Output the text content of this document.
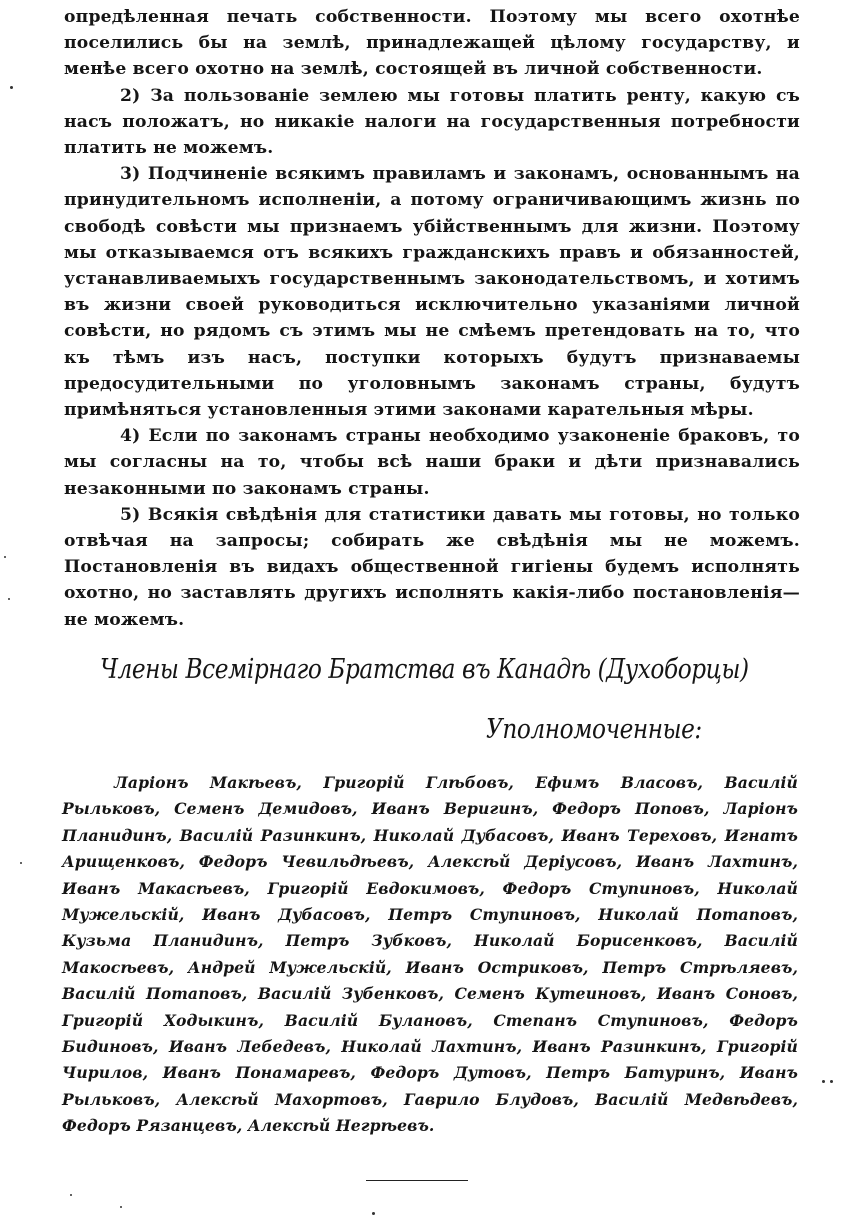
опредѣленная печать собственности. Поэтому мы всего охотнѣе поселились бы на землѣ, принадлежащей цѣлому государству, и менѣе всего охотно на землѣ, состоящей въ личной собственности.

2) За пользованіе землею мы готовы платить ренту, какую съ насъ положатъ, но никакіе налоги на государственныя потребности платить не можемъ.

3) Подчиненіе всякимъ правиламъ и законамъ, основаннымъ на принудительномъ исполненіи, а потому ограничивающимъ жизнь по свободѣ совѣсти мы признаемъ убійственнымъ для жизни. Поэтому мы отказываемся отъ всякихъ гражданскихъ правъ и обязанностей, устанавливаемыхъ государственнымъ законодательствомъ, и хотимъ въ жизни своей руководиться исключительно указаніями личной совѣсти, но рядомъ съ этимъ мы не смѣемъ претендовать на то, что къ тѣмъ изъ насъ, поступки которыхъ будутъ признаваемы предосудительными по уголовнымъ законамъ страны, будутъ примѣняться установленныя этими законами карательныя мѣры.

4) Если по законамъ страны необходимо узаконеніе браковъ, то мы согласны на то, чтобы всѣ наши браки и дѣти признавались незаконными по законамъ страны.

5) Всякія свѣдѣнія для статистики давать мы готовы, но только отвѣчая на запросы; собирать же свѣдѣнія мы не можемъ. Постановленія въ видахъ общественной гигіены будемъ исполнять охотно, но заставлять другихъ исполнять какія-либо постановленія—не можемъ.

Члены Всемірнаго Братства въ Канадѣ (Духоборцы)
Уполномоченные:
Ларіонъ Макѣевъ, Григорій Глѣбовъ, Ефимъ Власовъ, Василій Рыльковъ, Семенъ Демидовъ, Иванъ Веригинъ, Федоръ Поповъ, Ларіонъ Планидинъ, Василій Разинкинъ, Николай Дубасовъ, Иванъ Тереховъ, Игнатъ Арищенковъ, Федоръ Чевильдѣевъ, Алексѣй Деріусовъ, Иванъ Лахтинъ, Иванъ Макасѣевъ, Григорій Евдокимовъ, Федоръ Ступиновъ, Николай Мужельскій, Иванъ Дубасовъ, Петръ Ступиновъ, Николай Потаповъ, Кузьма Планидинъ, Петръ Зубковъ, Николай Борисенковъ, Василій Макосѣевъ, Андрей Мужельскій, Иванъ Остриковъ, Петръ Стрѣляевъ, Василій Потаповъ, Василій Зубенковъ, Семенъ Кутеиновъ, Иванъ Соновъ, Григорій Ходыкинъ, Василій Булановъ, Степанъ Ступиновъ, Федоръ Бидиновъ, Иванъ Лебедевъ, Николай Лахтинъ, Иванъ Разинкинъ, Григорій Чирилов, Иванъ Понамаревъ, Федоръ Дутовъ, Петръ Батуринъ, Иванъ Рыльковъ, Алексѣй Махортовъ, Гаврило Блудовъ, Василій Медвѣдевъ, Федоръ Рязанцевъ, Алексѣй Негрѣевъ.
